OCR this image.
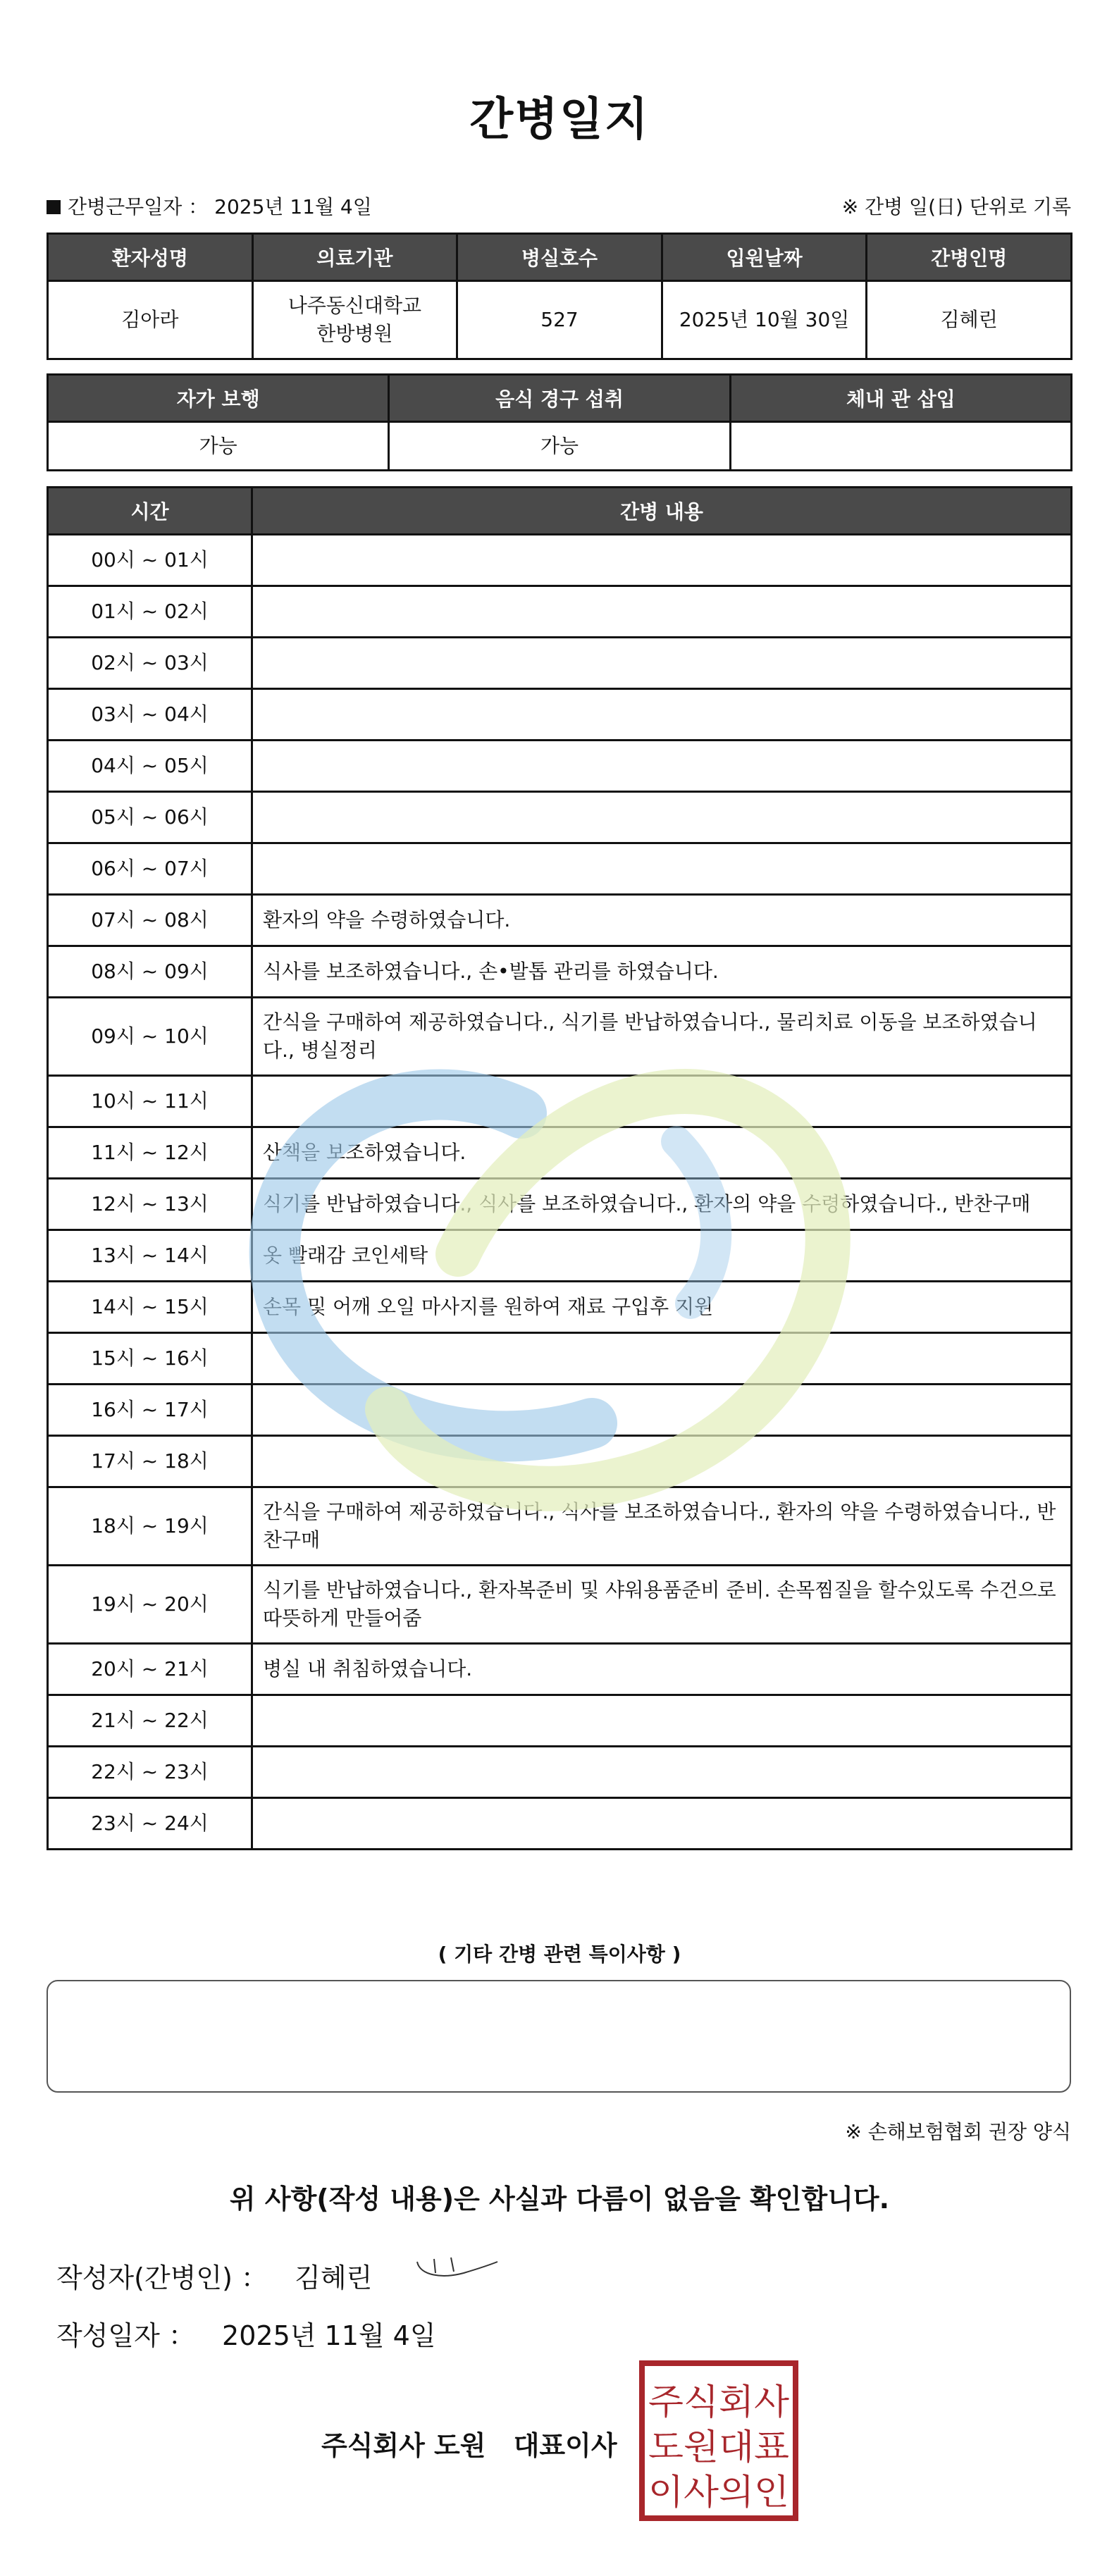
간병일지
간병근무일자 ： 2025년 11월 4일	※ 간병 일(日) 단위로 기록
환자성명	의료기관	병실호수	입원날짜	간병인명
김아라	나주동신대학교한방병원	527	2025년 10월 30일	김혜린
자가 보행	음식 경구 섭취	체내 관 삽입
가능	가능	
시간	간병 내용
00시 ~ 01시	
01시 ~ 02시	
02시 ~ 03시	
03시 ~ 04시	
04시 ~ 05시	
05시 ~ 06시	
06시 ~ 07시	
07시 ~ 08시	환자의 약을 수령하였습니다.
08시 ~ 09시	식사를 보조하였습니다., 손•발톱 관리를 하였습니다.
09시 ~ 10시	간식을 구매하여 제공하였습니다., 식기를 반납하였습니다., 물리치료 이동을 보조하였습니다., 병실정리
10시 ~ 11시	
11시 ~ 12시	산책을 보조하였습니다.
12시 ~ 13시	식기를 반납하였습니다., 식사를 보조하였습니다., 환자의 약을 수령하였습니다., 반찬구매
13시 ~ 14시	옷 빨래감 코인세탁
14시 ~ 15시	손목 및 어깨 오일 마사지를 원하여 재료 구입후 지원
15시 ~ 16시	
16시 ~ 17시	
17시 ~ 18시	
18시 ~ 19시	간식을 구매하여 제공하였습니다., 식사를 보조하였습니다., 환자의 약을 수령하였습니다., 반찬구매
19시 ~ 20시	식기를 반납하였습니다., 환자복준비 및 샤워용품준비 준비. 손목찜질을 할수있도록 수건으로 따뜻하게 만들어줌
20시 ~ 21시	병실 내 취침하였습니다.
21시 ~ 22시	
22시 ~ 23시	
23시 ~ 24시	
( 기타 간병 관련 특이사항 )
※ 손해보험협회 권장 양식
위 사항(작성 내용)은 사실과 다름이 없음을 확인합니다.
작성자(간병인) ： 김혜린
작성일자 ： 2025년 11월 4일
주식회사 도원 대표이사
주식회사
도원대표
이사의인
